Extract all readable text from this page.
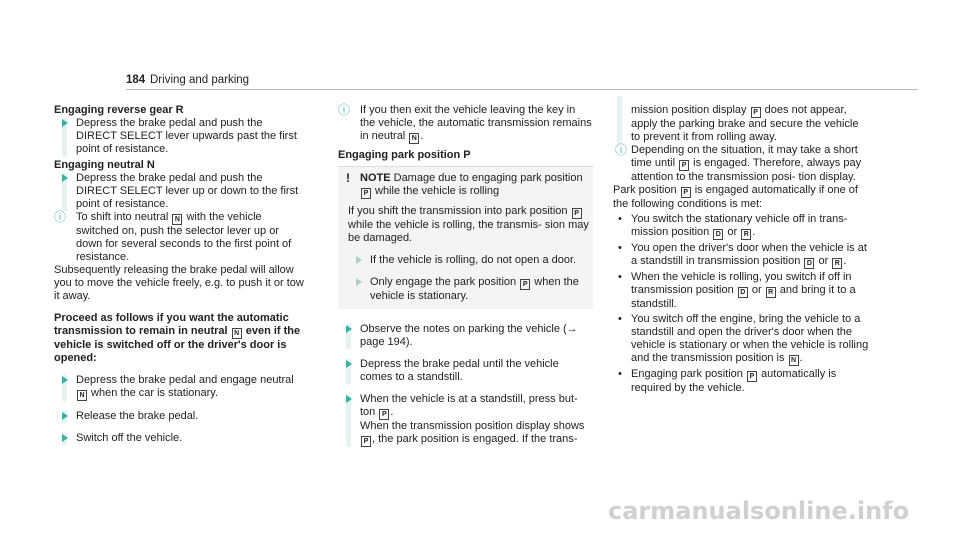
184 Driving and parking
Engaging reverse gear R
Depress the brake pedal and push the DIRECT SELECT lever upwards past the first point of resistance.
Engaging neutral N
Depress the brake pedal and push the DIRECT SELECT lever up or down to the first point of resistance.
ⓘ To shift into neutral N with the vehicle switched on, push the selector lever up or down for several seconds to the first point of resistance.
Subsequently releasing the brake pedal will allow you to move the vehicle freely, e.g. to push it or tow it away.
Proceed as follows if you want the automatic transmission to remain in neutral N even if the vehicle is switched off or the driver's door is opened:
Depress the brake pedal and engage neutral N when the car is stationary.
Release the brake pedal.
Switch off the vehicle.
ⓘ If you then exit the vehicle leaving the key in the vehicle, the automatic transmission remains in neutral N .
Engaging park position P
! NOTE Damage due to engaging park position P while the vehicle is rolling
If you shift the transmission into park position P while the vehicle is rolling, the transmis- sion may be damaged.
If the vehicle is rolling, do not open a door.
Only engage the park position P when the vehicle is stationary.
Observe the notes on parking the vehicle (→ page 194).
Depress the brake pedal until the vehicle comes to a standstill.
When the vehicle is at a standstill, press but- ton P .
When the transmission position display shows P , the park position is engaged. If the trans-
mission position display P does not appear, apply the parking brake and secure the vehicle to prevent it from rolling away.
ⓘ Depending on the situation, it may take a short time until P is engaged. Therefore, always pay attention to the transmission posi- tion display.
Park position P is engaged automatically if one of the following conditions is met:
• You switch the stationary vehicle off in trans- mission position D or R .
• You open the driver's door when the vehicle is at a standstill in transmission position D or R .
• When the vehicle is rolling, you switch if off in transmission position D or R and bring it to a standstill.
• You switch off the engine, bring the vehicle to a standstill and open the driver's door when the vehicle is stationary or when the vehicle is rolling and the transmission position is N .
• Engaging park position P automatically is required by the vehicle.
carmanualsonline.info
